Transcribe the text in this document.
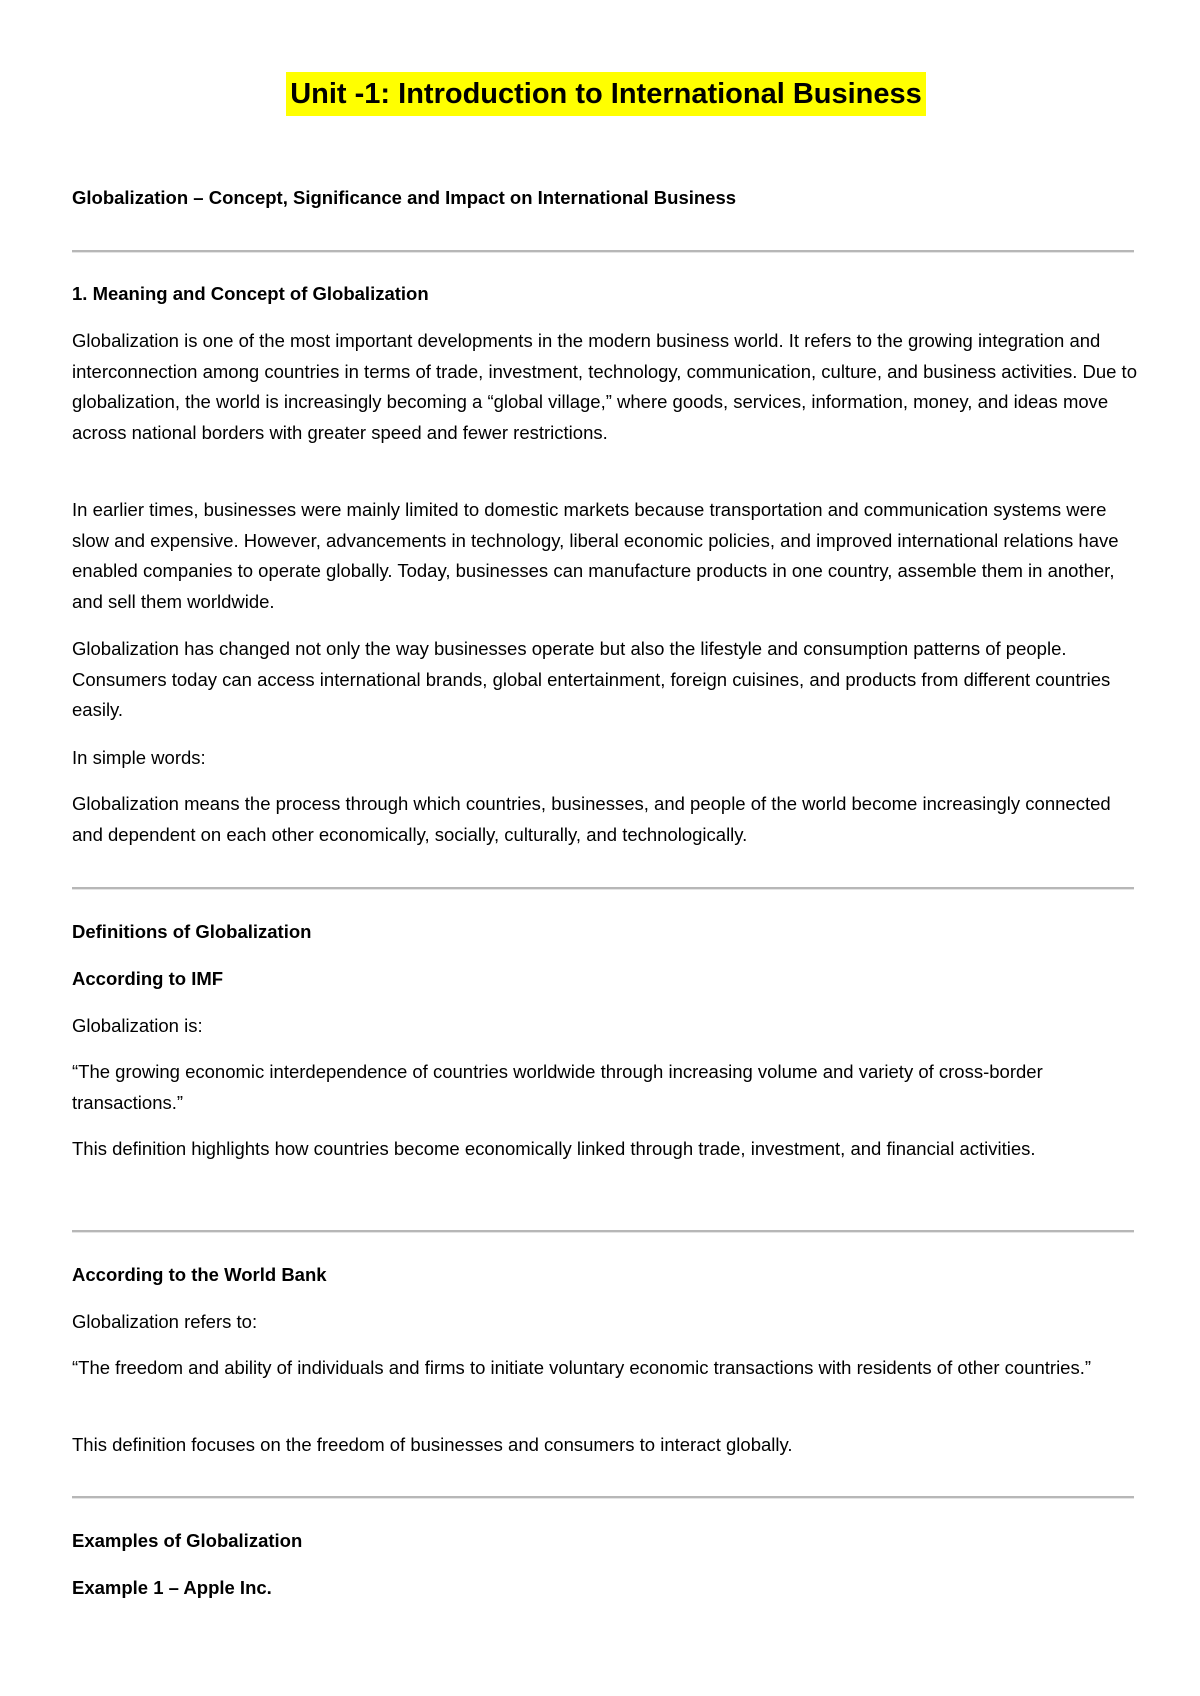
Unit -1: Introduction to International Business
Globalization – Concept, Significance and Impact on International Business
1. Meaning and Concept of Globalization
Globalization is one of the most important developments in the modern business world. It refers to the growing integration and interconnection among countries in terms of trade, investment, technology, communication, culture, and business activities. Due to globalization, the world is increasingly becoming a “global village,” where goods, services, information, money, and ideas move across national borders with greater speed and fewer restrictions.
In earlier times, businesses were mainly limited to domestic markets because transportation and communication systems were slow and expensive. However, advancements in technology, liberal economic policies, and improved international relations have enabled companies to operate globally. Today, businesses can manufacture products in one country, assemble them in another, and sell them worldwide.
Globalization has changed not only the way businesses operate but also the lifestyle and consumption patterns of people. Consumers today can access international brands, global entertainment, foreign cuisines, and products from different countries easily.
In simple words:
Globalization means the process through which countries, businesses, and people of the world become increasingly connected and dependent on each other economically, socially, culturally, and technologically.
Definitions of Globalization
According to IMF
Globalization is:
“The growing economic interdependence of countries worldwide through increasing volume and variety of cross-border transactions.”
This definition highlights how countries become economically linked through trade, investment, and financial activities.
According to the World Bank
Globalization refers to:
“The freedom and ability of individuals and firms to initiate voluntary economic transactions with residents of other countries.”
This definition focuses on the freedom of businesses and consumers to interact globally.
Examples of Globalization
Example 1 – Apple Inc.
